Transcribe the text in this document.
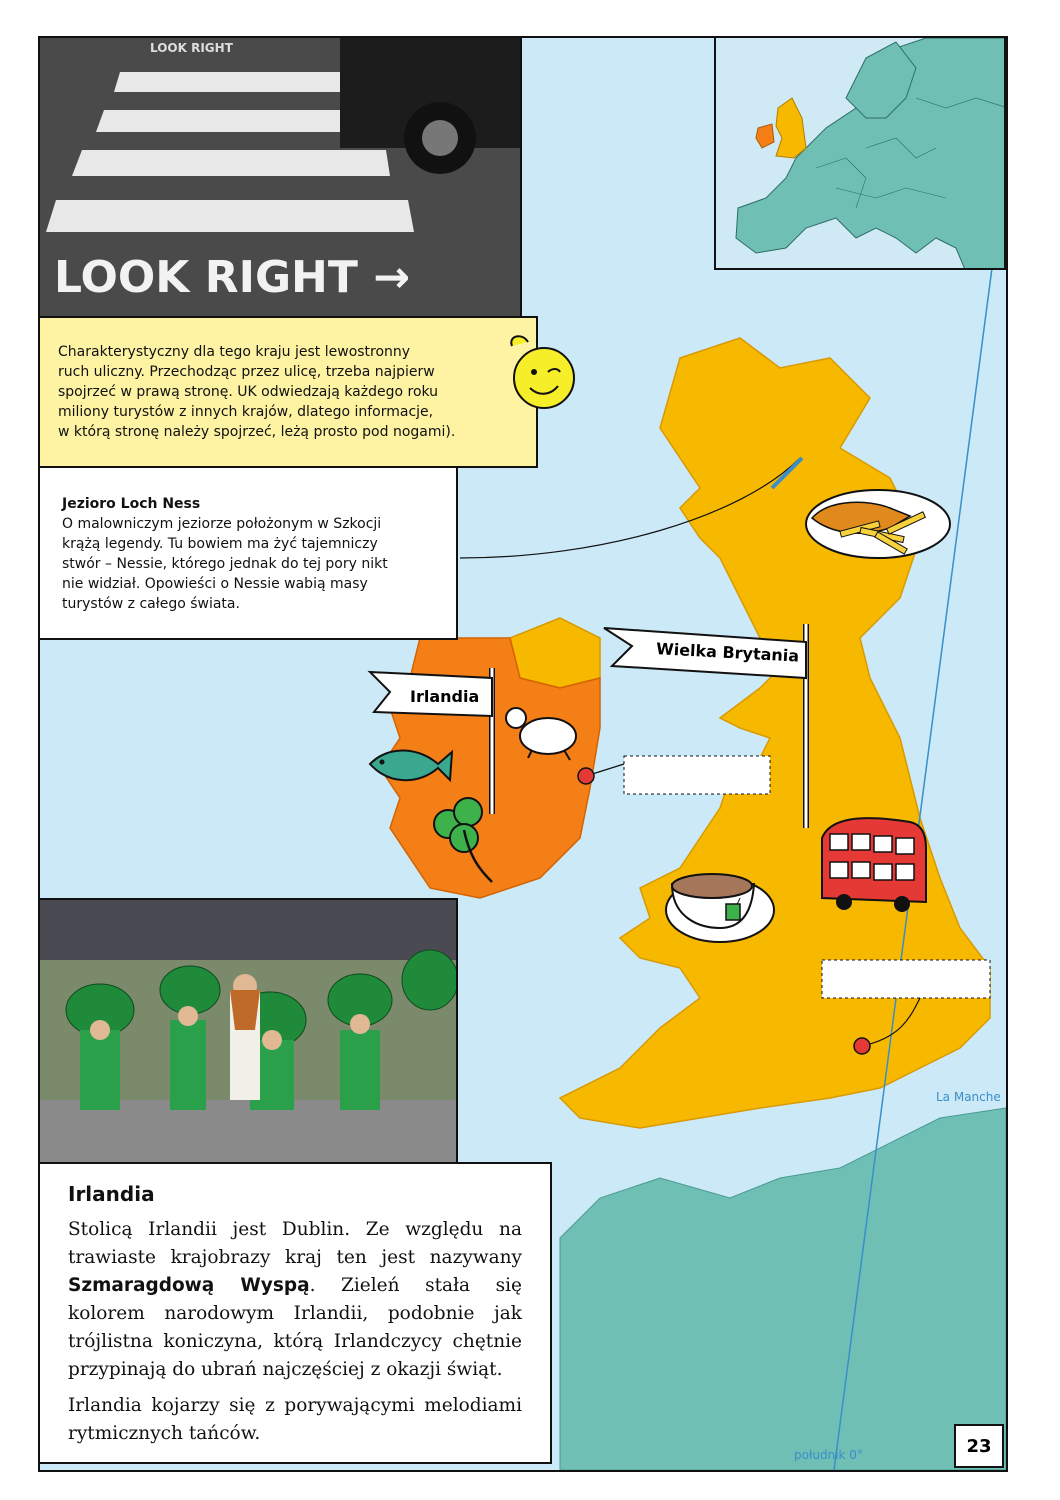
Irlandia
Wielka Brytania
La Manche
południk 0°
LOOK RIGHT
LOOK RIGHT →
Charakterystyczny dla tego kraju jest lewostronny
ruch uliczny. Przechodząc przez ulicę, trzeba najpierw
spojrzeć w prawą stronę. UK odwiedzają każdego roku
miliony turystów z innych krajów, dlatego informacje,
w którą stronę należy spojrzeć, leżą prosto pod nogami).
Jezioro Loch Ness
O malowniczym jeziorze położonym w Szkocji
krążą legendy. Tu bowiem ma żyć tajemniczy
stwór – Nessie, którego jednak do tej pory nikt
nie widział. Opowieści o Nessie wabią masy
turystów z całego świata.
Irlandia

Stolicą Irlandii jest Dublin. Ze względu na trawiaste krajobrazy kraj ten jest nazywany Szmaragdową Wyspą. Zieleń stała się kolorem narodowym Irlandii, podobnie jak trójlistna koniczyna, którą Irlandczycy chętnie przypinają do ubrań najczęściej z okazji świąt.

Irlandia kojarzy się z porywającymi melodiami rytmicznych tańców.

23
